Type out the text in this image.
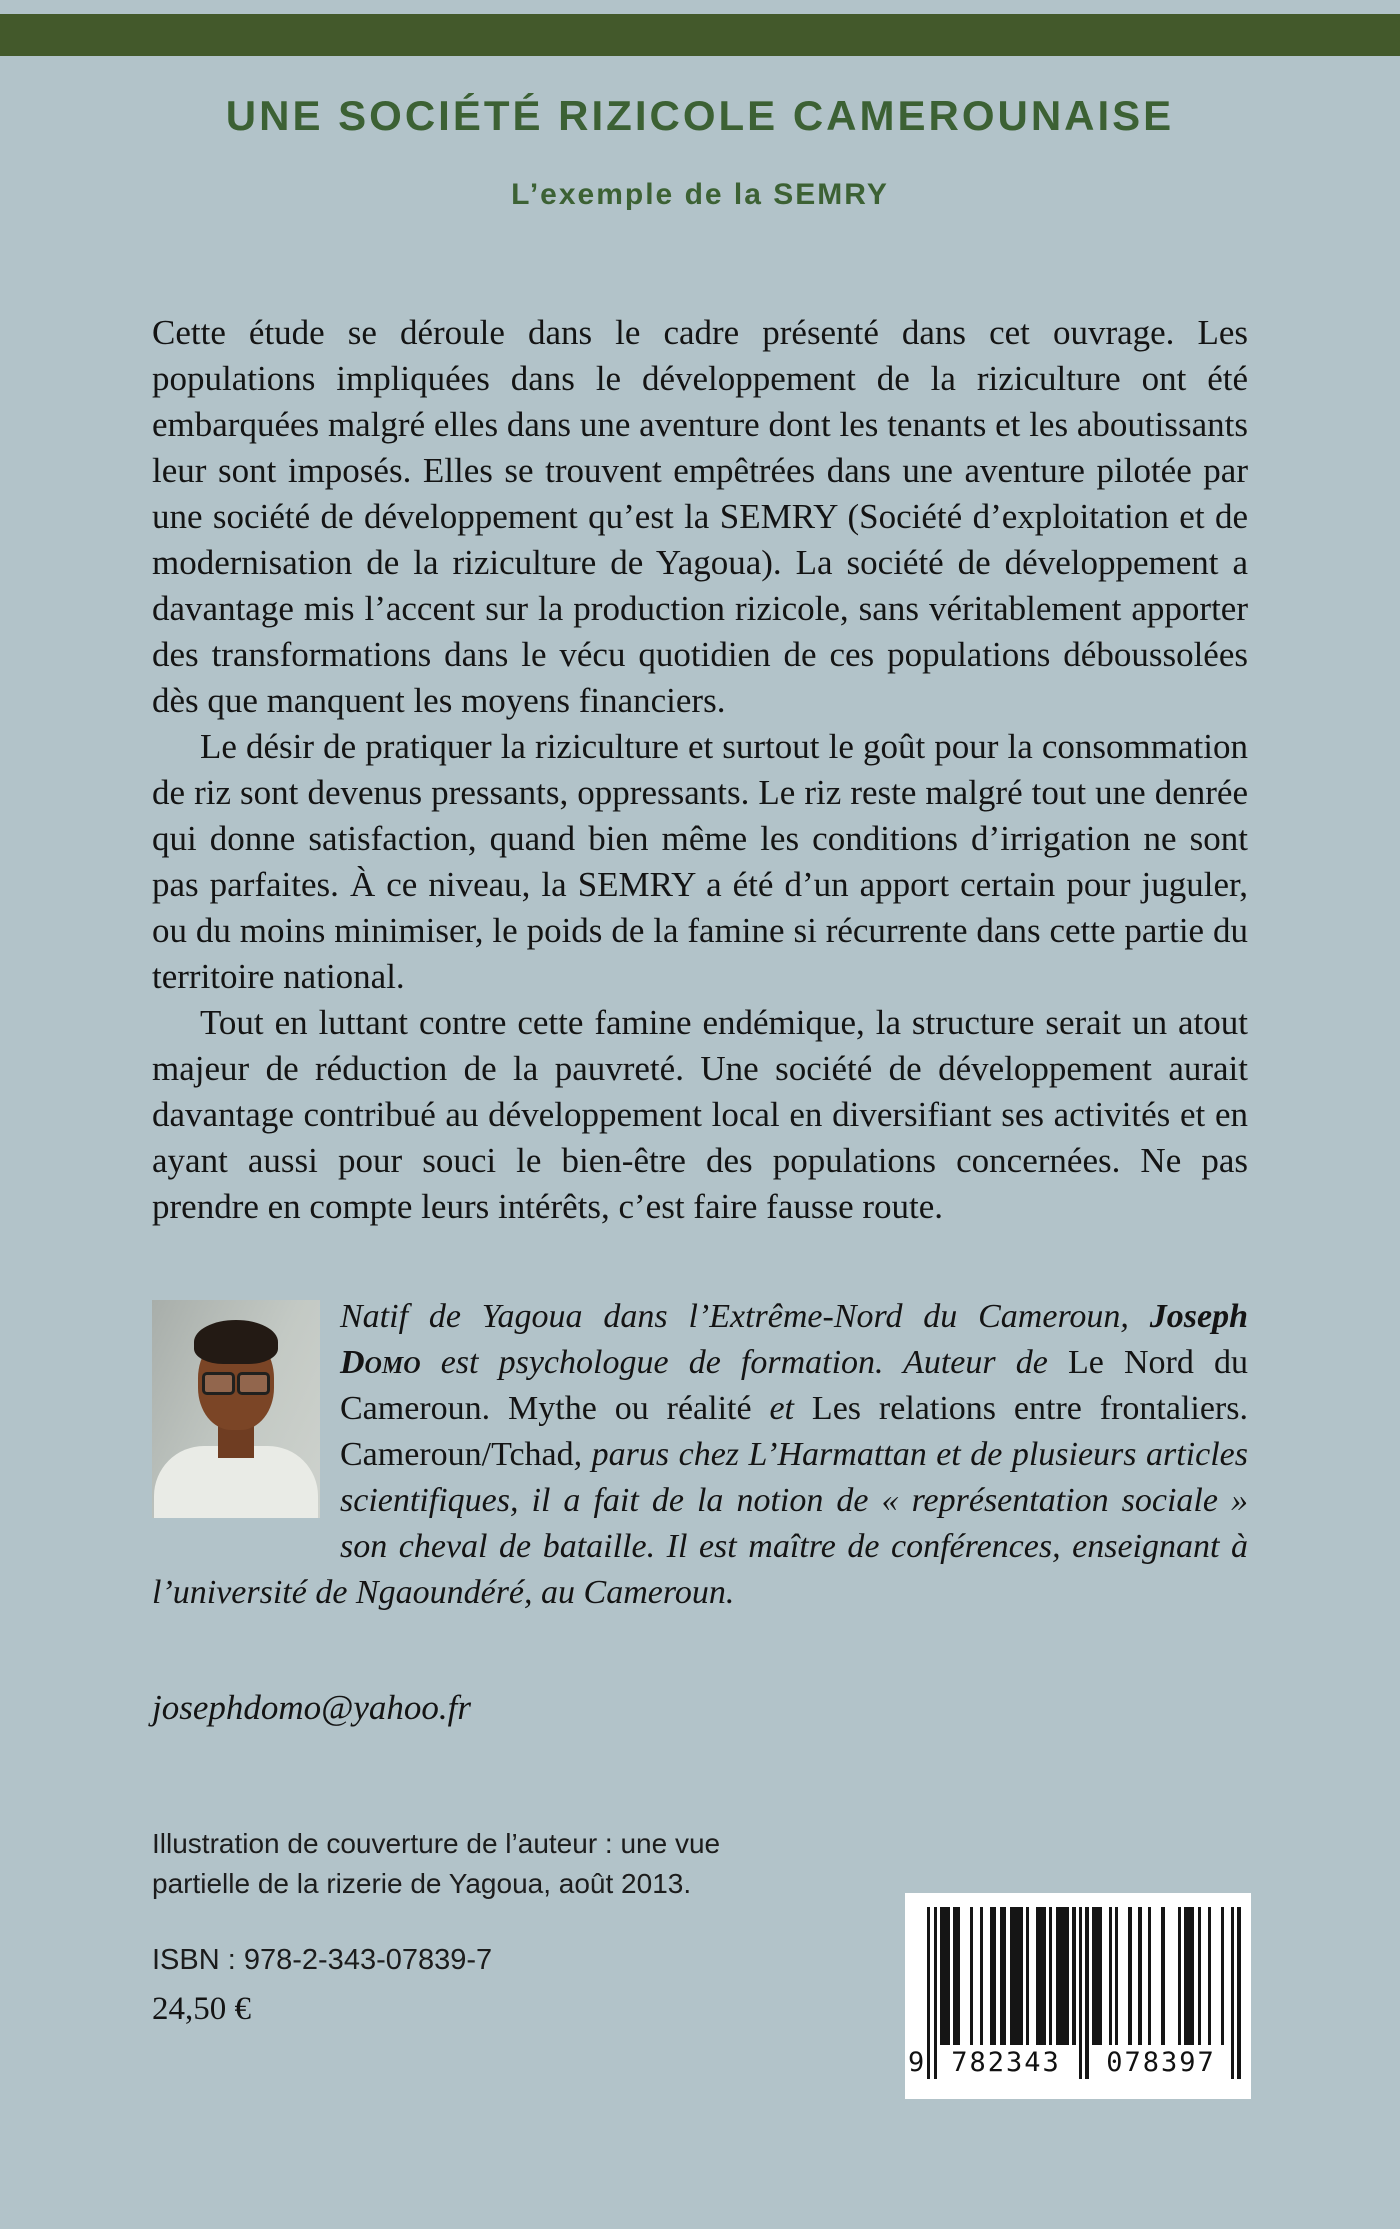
UNE SOCIÉTÉ RIZICOLE CAMEROUNAISE
L’exemple de la SEMRY

Cette étude se déroule dans le cadre présenté dans cet ouvrage. Les populations impliquées dans le développement de la riziculture ont été embarquées malgré elles dans une aventure dont les tenants et les aboutissants leur sont imposés. Elles se trouvent empêtrées dans une aventure pilotée par une société de développement qu’est la SEMRY (Société d’exploitation et de modernisation de la riziculture de Yagoua). La société de développement a davantage mis l’accent sur la production rizicole, sans véritablement apporter des transformations dans le vécu quotidien de ces populations déboussolées dès que manquent les moyens financiers.

Le désir de pratiquer la riziculture et surtout le goût pour la consommation de riz sont devenus pressants, oppressants. Le riz reste malgré tout une denrée qui donne satisfaction, quand bien même les conditions d’irrigation ne sont pas parfaites. À ce niveau, la SEMRY a été d’un apport certain pour juguler, ou du moins minimiser, le poids de la famine si récurrente dans cette partie du territoire national.

Tout en luttant contre cette famine endémique, la structure serait un atout majeur de réduction de la pauvreté. Une société de développement aurait davantage contribué au développement local en diversifiant ses activités et en ayant aussi pour souci le bien-être des populations concernées. Ne pas prendre en compte leurs intérêts, c’est faire fausse route.

Natif de Yagoua dans l’Extrême-Nord du Cameroun, Joseph Domo est psychologue de formation. Auteur de Le Nord du Cameroun. Mythe ou réalité et Les relations entre frontaliers. Cameroun/Tchad, parus chez L’Harmattan et de plusieurs articles scientifiques, il a fait de la notion de « représentation sociale » son cheval de bataille. Il est maître de conférences, enseignant à l’université de Ngaoundéré, au Cameroun.

josephdomo@yahoo.fr

Illustration de couverture de l’auteur : une vue
partielle de la rizerie de Yagoua, août 2013.

ISBN : 978-2-343-07839-7

24,50 €

9 782343	078397
